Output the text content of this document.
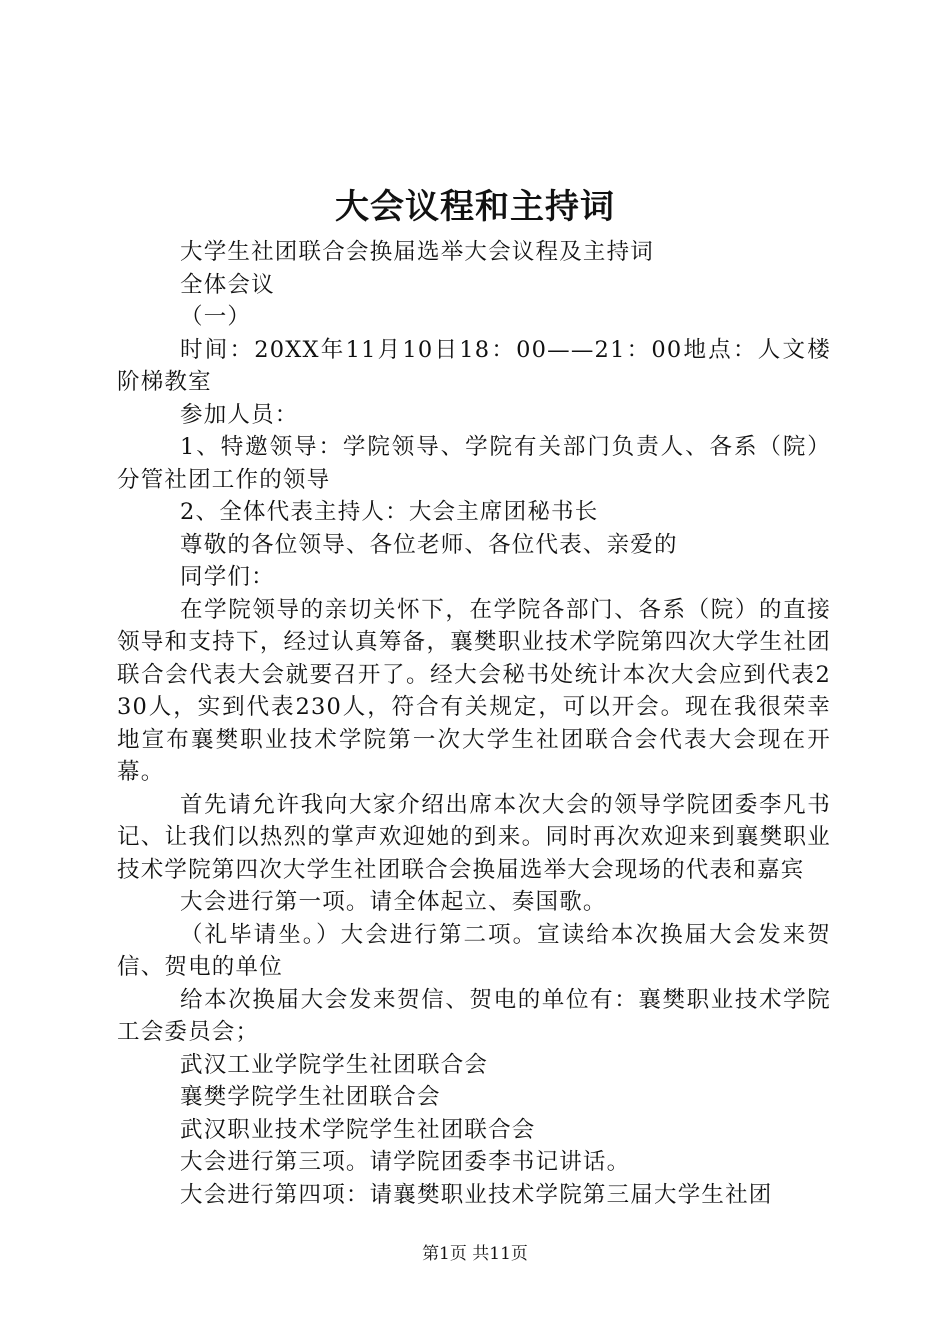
大会议程和主持词

大学生社团联合会换届选举大会议程及主持词

全体会议

（一）

时间：20XX年11月10日18：00——21：00地点：人文楼阶梯教室

参加人员：

1、特邀领导：学院领导、学院有关部门负责人、各系（院）分管社团工作的领导

2、全体代表主持人：大会主席团秘书长

尊敬的各位领导、各位老师、各位代表、亲爱的

同学们：

在学院领导的亲切关怀下，在学院各部门、各系（院）的直接领导和支持下，经过认真筹备，襄樊职业技术学院第四次大学生社团联合会代表大会就要召开了。经大会秘书处统计本次大会应到代表230人，实到代表230人，符合有关规定，可以开会。现在我很荣幸地宣布襄樊职业技术学院第一次大学生社团联合会代表大会现在开幕。

首先请允许我向大家介绍出席本次大会的领导学院团委李凡书记、让我们以热烈的掌声欢迎她的到来。同时再次欢迎来到襄樊职业技术学院第四次大学生社团联合会换届选举大会现场的代表和嘉宾

大会进行第一项。请全体起立、奏国歌。

（礼毕请坐。）大会进行第二项。宣读给本次换届大会发来贺信、贺电的单位

给本次换届大会发来贺信、贺电的单位有：襄樊职业技术学院工会委员会；

武汉工业学院学生社团联合会

襄樊学院学生社团联合会

武汉职业技术学院学生社团联合会

大会进行第三项。请学院团委李书记讲话。

大会进行第四项：请襄樊职业技术学院第三届大学生社团

第1页 共11页
